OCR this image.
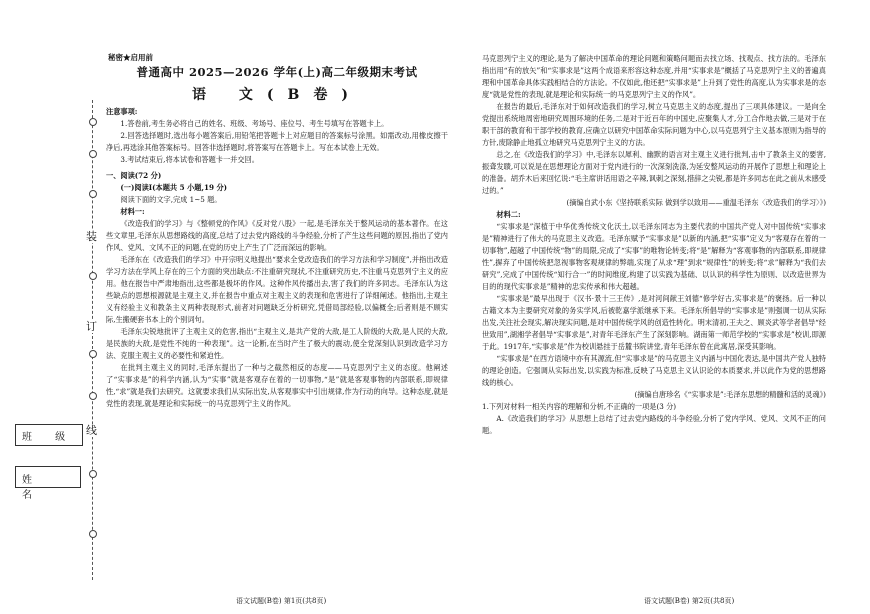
装
订
线
班 级
姓 名
秘密★启用前
普通高中 2025—2026 学年(上)高二年级期末考试
语 文(B卷)

注意事项:

1.答卷前,考生务必将自己的姓名、班级、考场号、座位号、考生号填写在答题卡上。

2.回答选择题时,选出每小题答案后,用铅笔把答题卡上对应题目的答案标号涂黑。如需改动,用橡皮擦干净后,再选涂其他答案标号。回答非选择题时,将答案写在答题卡上。写在本试卷上无效。

3.考试结束后,将本试卷和答题卡一并交回。

一、阅读(72 分)

(一)阅读Ⅰ(本题共 5 小题,19 分)

阅读下面的文字,完成 1~5 题。

材料一:

《改造我们的学习》与《整顿党的作风》《反对党八股》一起,是毛泽东关于整风运动的基本著作。在这些文章里,毛泽东从思想路线的高度,总结了过去党内路线的斗争经验,分析了产生这些问题的原因,指出了党内作风、党风、文风不正的问题,在党的历史上产生了广泛而深远的影响。

毛泽东在《改造我们的学习》中开宗明义地提出“要求全党改造我们的学习方法和学习制度”,并指出改造学习方法在学风上存在的三个方面的突出缺点:不注重研究现状,不注重研究历史,不注重马克思列宁主义的应用。他在报告中严肃地指出,这些都是极坏的作风。这种作风传播出去,害了我们的许多同志。毛泽东认为这些缺点的思想根源就是主观主义,并在报告中重点对主观主义的表现和危害进行了详细阐述。他指出,主观主义有经验主义和教条主义两种表现形式,前者对问题缺乏分析研究,凭借局部经验,以偏概全;后者则是不顾实际,生搬硬套书本上的个别词句。

毛泽东尖锐地批评了主观主义的危害,指出“主观主义,是共产党的大敌,是工人阶级的大敌,是人民的大敌,是民族的大敌,是党性不纯的一种表现”。这一论断,在当时产生了极大的震动,使全党深刻认识到改造学习方法、克服主观主义的必要性和紧迫性。

在批判主观主义的同时,毛泽东提出了一种与之截然相反的态度——马克思列宁主义的态度。他阐述了“实事求是”的科学内涵,认为“实事”就是客观存在着的一切事物,“是”就是客观事物的内部联系,即规律性,“求”就是我们去研究。这就要求我们从实际出发,从客观事实中引出规律,作为行动的向导。这种态度,就是党性的表现,就是理论和实际统一的马克思列宁主义的作风。

马克思列宁主义的理论,是为了解决中国革命的理论问题和策略问题而去找立场、找观点、找方法的。毛泽东指出用“有的放矢”和“实事求是”这两个成语来形容这种态度,并用“实事求是”概括了马克思列宁主义的普遍真理和中国革命具体实践相结合的方法论。不仅如此,他还把“实事求是”上升到了党性的高度,认为实事求是的态度“就是党性的表现,就是理论和实际统一的马克思列宁主义的作风”。

在报告的最后,毛泽东对于如何改造我们的学习,树立马克思主义的态度,提出了三项具体建议。一是向全党提出系统地周密地研究周围环境的任务,二是对于近百年的中国史,应聚集人才,分工合作地去做,三是对于在职干部的教育和干部学校的教育,应确立以研究中国革命实际问题为中心,以马克思列宁主义基本原则为指导的方针,废除静止地孤立地研究马克思列宁主义的方法。

总之,在《改造我们的学习》中,毛泽东以犀利、幽默的语言对主观主义进行批判,击中了教条主义的要害,振聋发聩,可以说是在思想理论方面对于党内进行的一次深刻洗涤,为延安整风运动的开展作了思想上和理论上的准备。胡乔木后来回忆说:“毛主席讲话用语之辛辣,讽刺之深刻,措辞之尖锐,都是许多同志在此之前从未感受过的。”

(摘编自武小东《坚持联系实际 做到学以致用——重温毛泽东〈改造我们的学习〉》)

材料二:

“实事求是”深植于中华优秀传统文化沃土,以毛泽东同志为主要代表的中国共产党人对中国传统“实事求是”精神进行了伟大的马克思主义改造。毛泽东赋予“实事求是”以新的内涵,把“实事”定义为“客观存在着的一切事物”,超越了中国传统“物”的局限,完成了“实事”的唯物论转变;将“是”解释为“客观事物的内部联系,即规律性”,摒弃了中国传统把忽视事物客观规律的弊端,实现了从求“理”到求“规律性”的转变;将“求”解释为“我们去研究”,完成了中国传统“知行合一”的时间维度,构建了以实践为基础、以认识的科学性为原则、以改造世界为目的的现代实事求是”精神的忠实传承和伟大超越。

“实事求是”最早出现于《汉书·景十三王传》,是对河间献王刘德“修学好古,实事求是”的褒扬。后一种以古籍文本为主要研究对象的务实学风,后被乾嘉学派继承下来。毛泽东所倡导的“实事求是”则强调一切从实际出发,关注社会现实,解决现实问题,是对中国传统学风的创造性转化。明末清初,王夫之、顾炎武等学者倡导“经世致用”,湖湘学者倡导“实事求是”,对青年毛泽东产生了深刻影响。湖南第一师范学校的“实事求是”校训,即源于此。1917年,“实事求是”作为校训悬挂于岳麓书院讲堂,青年毛泽东曾在此寓居,深受其影响。

“实事求是”在西方语境中亦有其源流,但“实事求是”的马克思主义内涵与中国化表达,是中国共产党人独特的理论创造。它强调从实际出发,以实践为标准,反映了马克思主义认识论的本质要求,并以此作为党的思想路线的核心。

(摘编自唐珍名《“实事求是”:毛泽东思想的精髓和活的灵魂》)

1.下列对材料一相关内容的理解和分析,不正确的一项是(3 分)

A.《改造我们的学习》从思想上总结了过去党内路线的斗争经验,分析了党内学风、党风、文风不正的问题。

语文试题(B卷) 第1页(共8页)	语文试题(B卷) 第2页(共8页)
